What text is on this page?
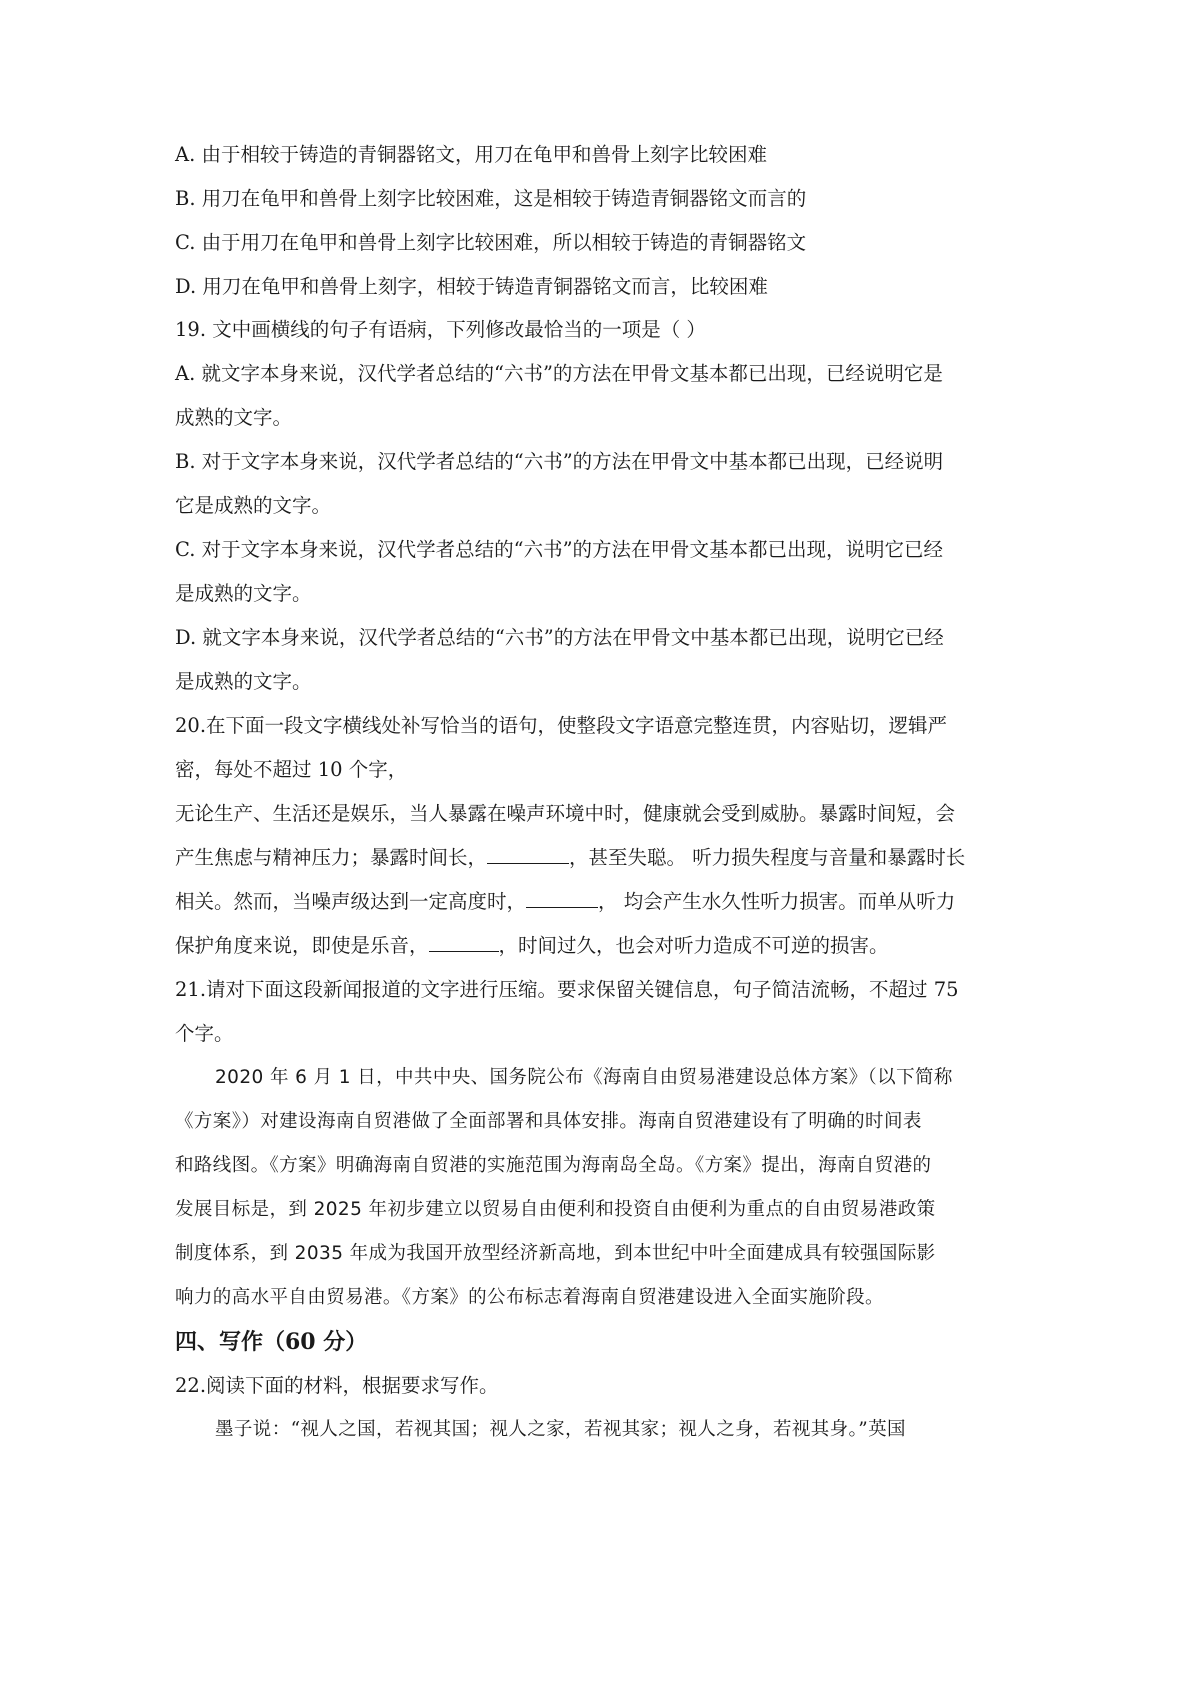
A. 由于相较于铸造的青铜器铭文，用刀在龟甲和兽骨上刻字比较困难
B. 用刀在龟甲和兽骨上刻字比较困难，这是相较于铸造青铜器铭文而言的
C. 由于用刀在龟甲和兽骨上刻字比较困难，所以相较于铸造的青铜器铭文
D. 用刀在龟甲和兽骨上刻字，相较于铸造青铜器铭文而言，比较困难
19. 文中画横线的句子有语病，下列修改最恰当的一项是（ ）
A. 就文字本身来说，汉代学者总结的“六书”的方法在甲骨文基本都已出现，已经说明它是
成熟的文字。
B. 对于文字本身来说，汉代学者总结的“六书”的方法在甲骨文中基本都已出现，已经说明
它是成熟的文字。
C. 对于文字本身来说，汉代学者总结的“六书”的方法在甲骨文基本都已出现，说明它已经
是成熟的文字。
D. 就文字本身来说，汉代学者总结的“六书”的方法在甲骨文中基本都已出现，说明它已经
是成熟的文字。
20.在下面一段文字横线处补写恰当的语句，使整段文字语意完整连贯，内容贴切，逻辑严
密，每处不超过 10 个字，
无论生产、生活还是娱乐，当人暴露在噪声环境中时，健康就会受到威胁。暴露时间短，会
产生焦虑与精神压力；暴露时间长，	，甚至失聪。 听力损失程度与音量和暴露时长
相关。然而，当噪声级达到一定高度时，	， 均会产生水久性听力损害。而单从听力
保护角度来说，即使是乐音，	，时间过久，也会对听力造成不可逆的损害。
21.请对下面这段新闻报道的文字进行压缩。要求保留关键信息，句子简洁流畅，不超过 75
个字。
2020 年 6 月 1 日，中共中央、国务院公布《海南自由贸易港建设总体方案》（以下简称
《方案》）对建设海南自贸港做了全面部署和具体安排。海南自贸港建设有了明确的时间表
和路线图。《方案》明确海南自贸港的实施范围为海南岛全岛。《方案》提出，海南自贸港的
发展目标是，到 2025 年初步建立以贸易自由便利和投资自由便利为重点的自由贸易港政策
制度体系，到 2035 年成为我国开放型经济新高地，到本世纪中叶全面建成具有较强国际影
响力的高水平自由贸易港。《方案》的公布标志着海南自贸港建设进入全面实施阶段。
四、写作（60 分）
22.阅读下面的材料，根据要求写作。
墨子说：“视人之国，若视其国；视人之家，若视其家；视人之身，若视其身。”英国
